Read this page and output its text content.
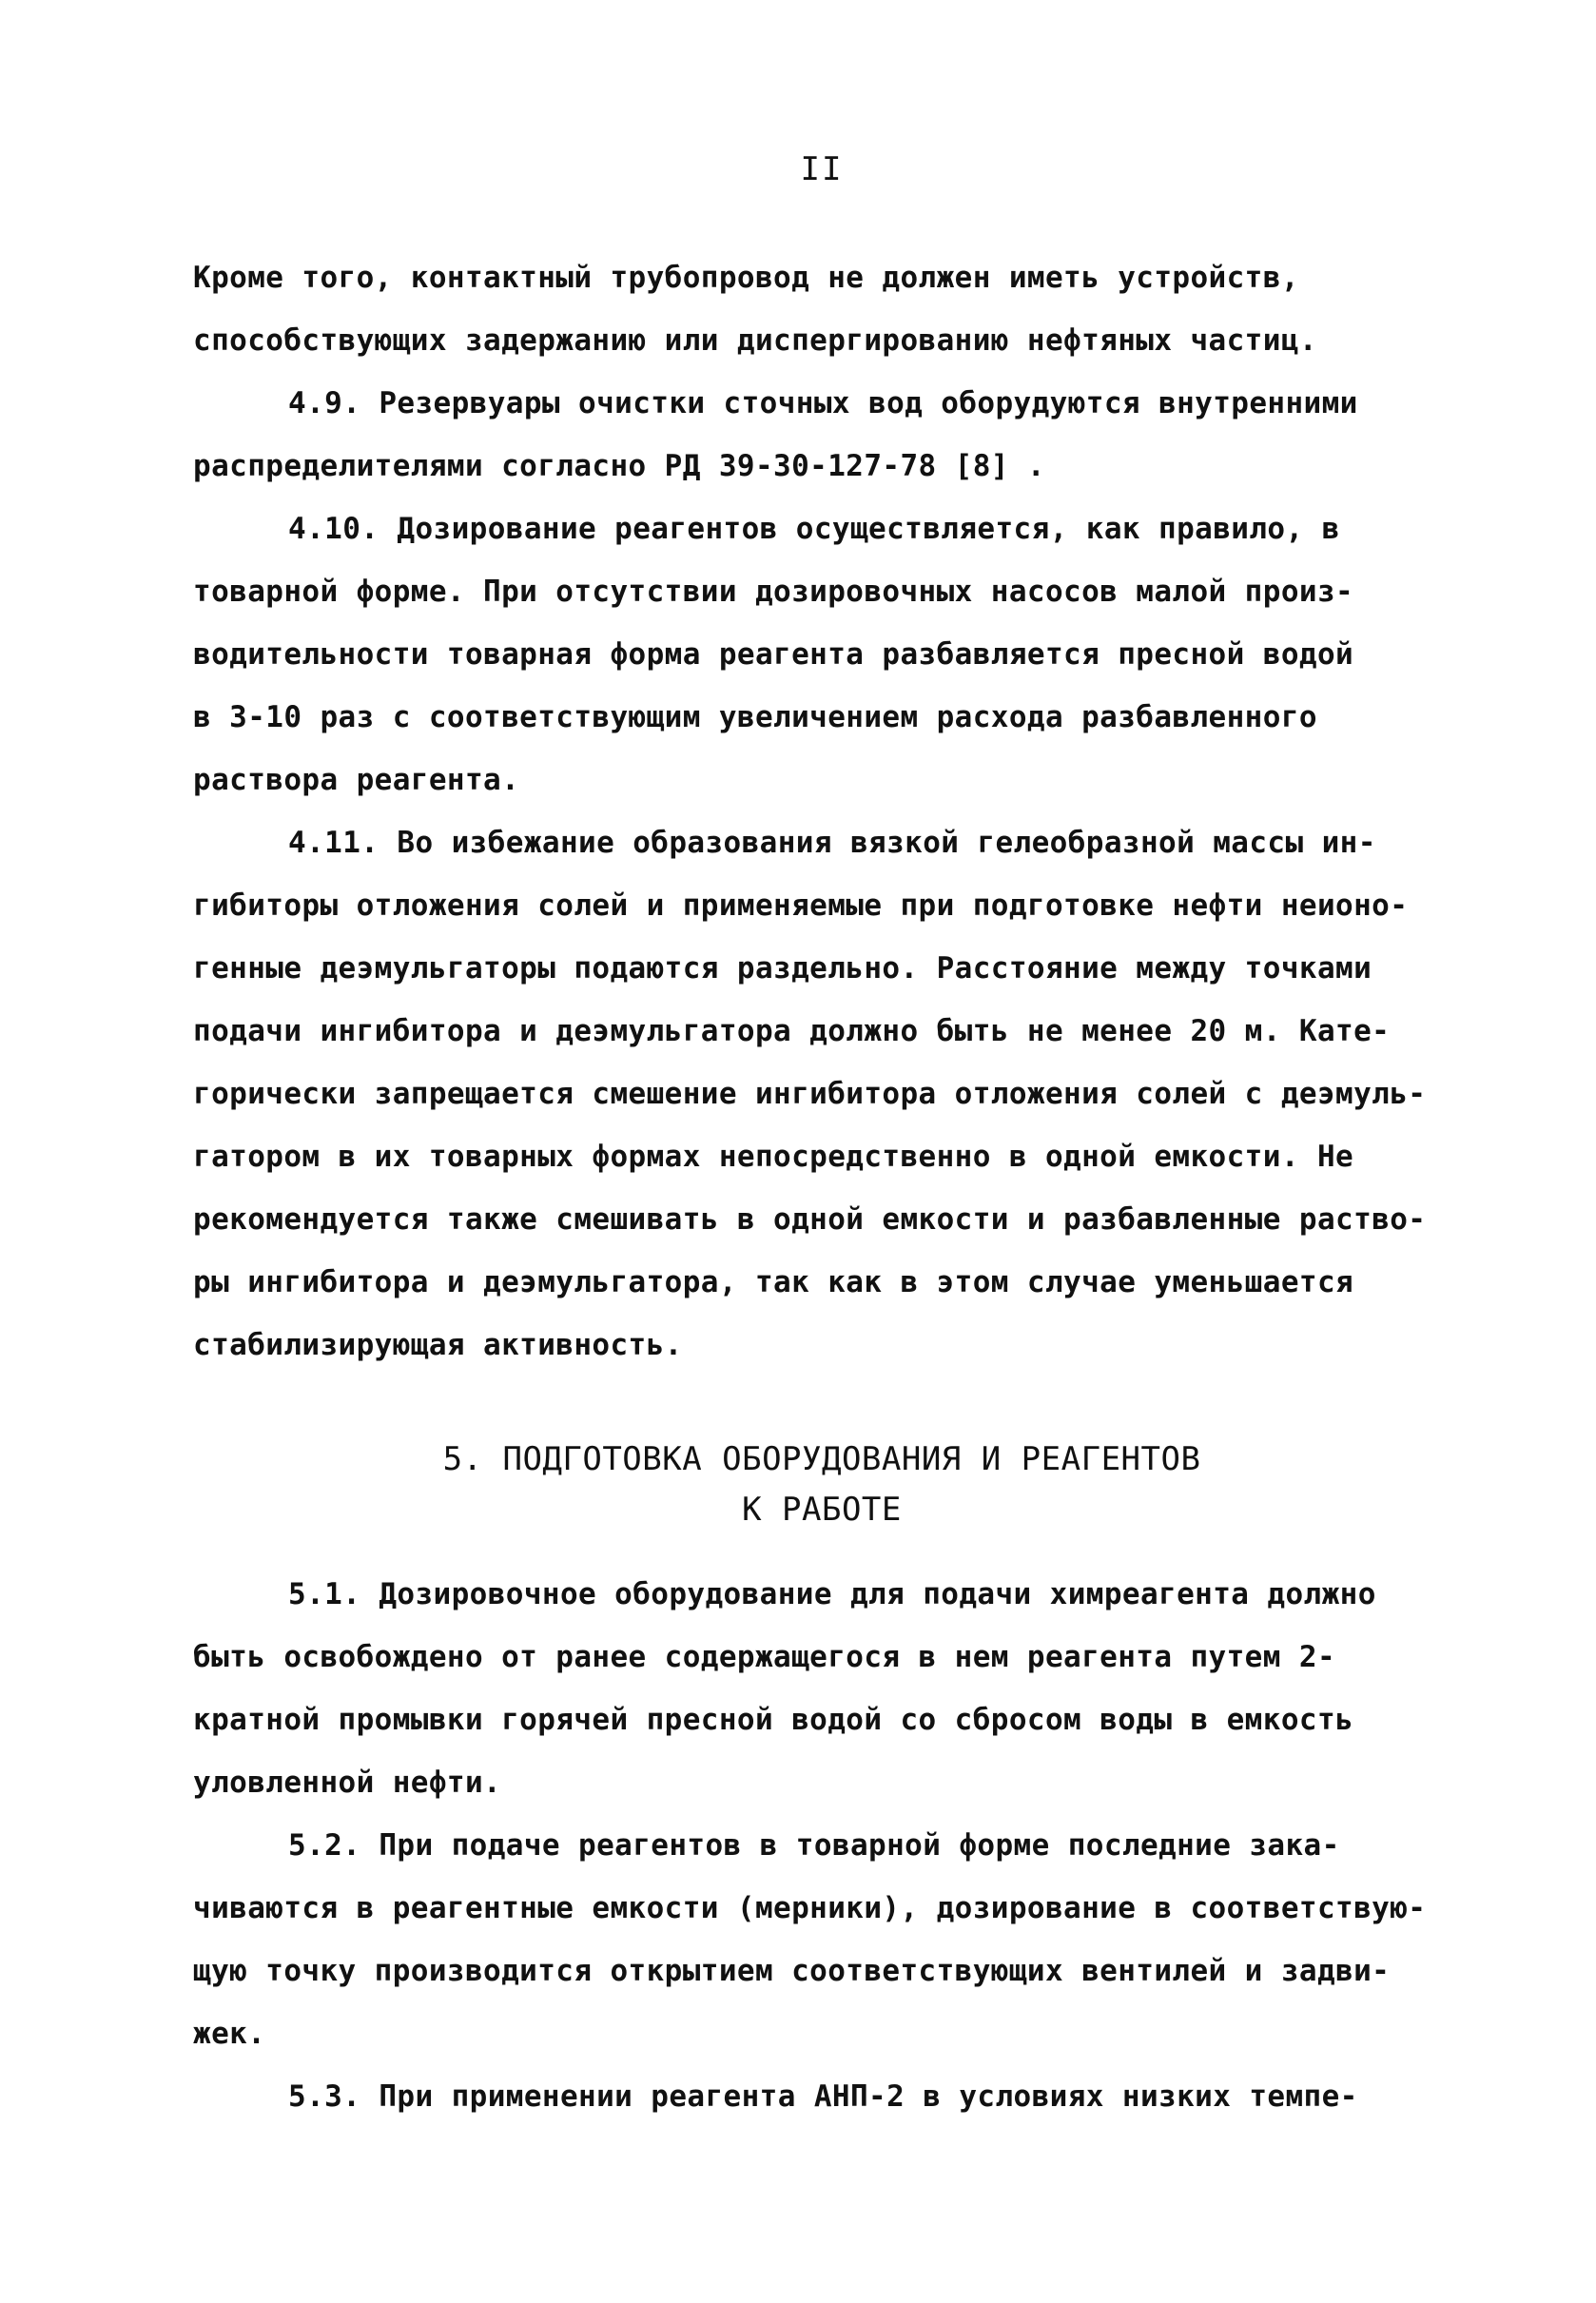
II
Кроме того, контактный трубопровод не должен иметь устройств,
способствующих задержанию или диспергированию нефтяных частиц.
4.9. Резервуары очистки сточных вод оборудуются внутренними
распределителями согласно РД 39-30-127-78 [8] .
4.10. Дозирование реагентов осуществляется, как правило, в
товарной форме. При отсутствии дозировочных насосов малой произ-
водительности товарная форма реагента разбавляется пресной водой
в 3-10 раз с соответствующим увеличением расхода разбавленного
раствора реагента.
4.11. Во избежание образования вязкой гелеобразной массы ин-
гибиторы отложения солей и применяемые при подготовке нефти неионо-
генные деэмульгаторы подаются раздельно. Расстояние между точками
подачи ингибитора и деэмульгатора должно быть не менее 20 м. Кате-
горически запрещается смешение ингибитора отложения солей с деэмуль-
гатором в их товарных формах непосредственно в одной емкости. Не
рекомендуется также смешивать в одной емкости и разбавленные раство-
ры ингибитора и деэмульгатора, так как в этом случае уменьшается
стабилизирующая активность.
5. ПОДГОТОВКА ОБОРУДОВАНИЯ И РЕАГЕНТОВ
К РАБОТЕ
5.1. Дозировочное оборудование для подачи химреагента должно
быть освобождено от ранее содержащегося в нем реагента путем 2-
кратной промывки горячей пресной водой со сбросом воды в емкость
уловленной нефти.
5.2. При подаче реагентов в товарной форме последние зака-
чиваются в реагентные емкости (мерники), дозирование в соответствую-
щую точку производится открытием соответствующих вентилей и задви-
жек.
5.3. При применении реагента АНП-2 в условиях низких темпе-
